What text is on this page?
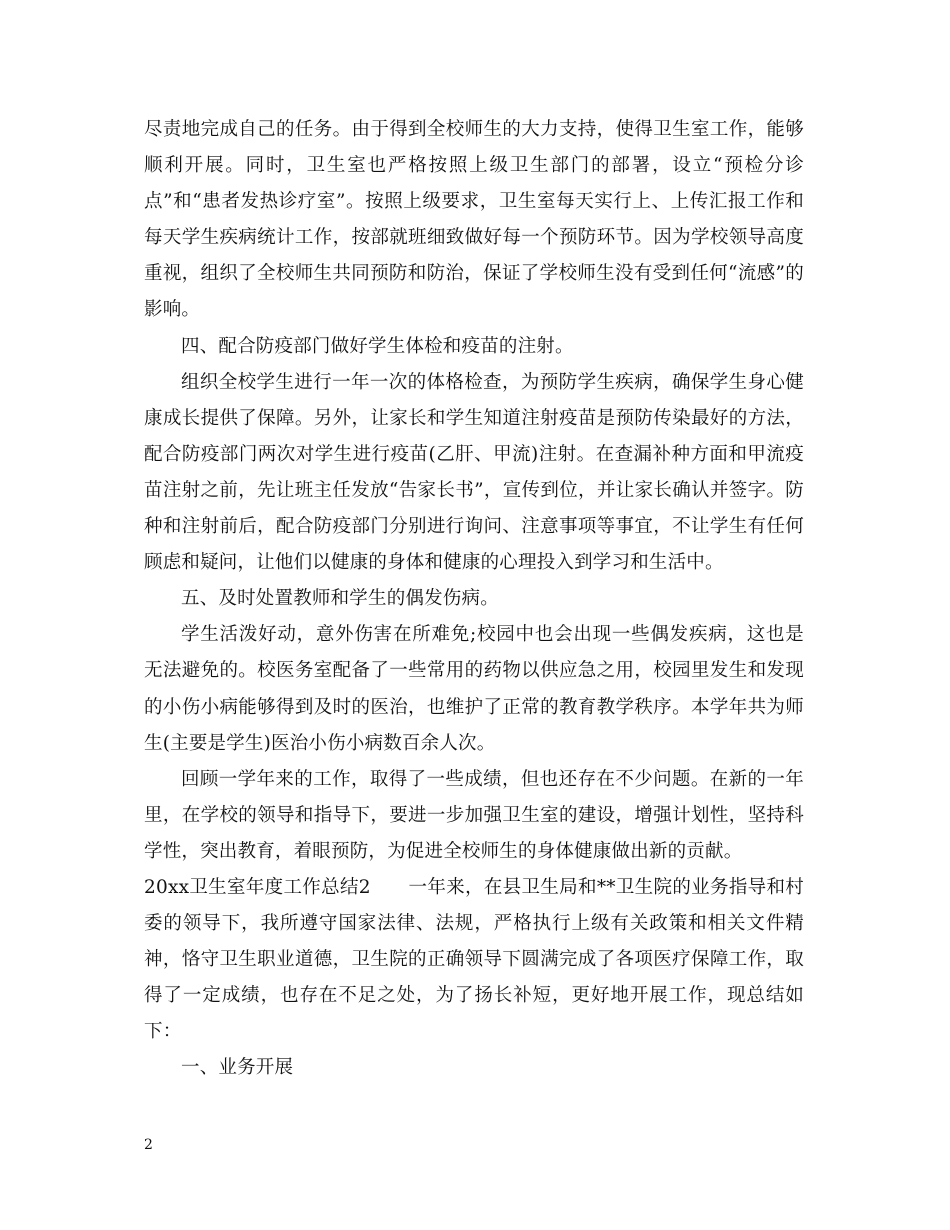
尽责地完成自己的任务。由于得到全校师生的大力支持，使得卫生室工作，能够顺利开展。同时，卫生室也严格按照上级卫生部门的部署，设立“预检分诊点”和“患者发热诊疗室”。按照上级要求，卫生室每天实行上、上传汇报工作和每天学生疾病统计工作，按部就班细致做好每一个预防环节。因为学校领导高度重视，组织了全校师生共同预防和防治，保证了学校师生没有受到任何“流感”的影响。

四、配合防疫部门做好学生体检和疫苗的注射。

组织全校学生进行一年一次的体格检查，为预防学生疾病，确保学生身心健康成长提供了保障。另外，让家长和学生知道注射疫苗是预防传染最好的方法，配合防疫部门两次对学生进行疫苗(乙肝、甲流)注射。在查漏补种方面和甲流疫苗注射之前，先让班主任发放“告家长书”，宣传到位，并让家长确认并签字。防种和注射前后，配合防疫部门分别进行询问、注意事项等事宜，不让学生有任何顾虑和疑问，让他们以健康的身体和健康的心理投入到学习和生活中。

五、及时处置教师和学生的偶发伤病。

学生活泼好动，意外伤害在所难免;校园中也会出现一些偶发疾病，这也是无法避免的。校医务室配备了一些常用的药物以供应急之用，校园里发生和发现的小伤小病能够得到及时的医治，也维护了正常的教育教学秩序。本学年共为师生(主要是学生)医治小伤小病数百余人次。

回顾一学年来的工作，取得了一些成绩，但也还存在不少问题。在新的一年里，在学校的领导和指导下，要进一步加强卫生室的建设，增强计划性，坚持科学性，突出教育，着眼预防，为促进全校师生的身体健康做出新的贡献。

20xx卫生室年度工作总结2　　一年来，在县卫生局和**卫生院的业务指导和村委的领导下，我所遵守国家法律、法规，严格执行上级有关政策和相关文件精神，恪守卫生职业道德，卫生院的正确领导下圆满完成了各项医疗保障工作，取得了一定成绩，也存在不足之处，为了扬长补短，更好地开展工作，现总结如下：

一、业务开展

2
